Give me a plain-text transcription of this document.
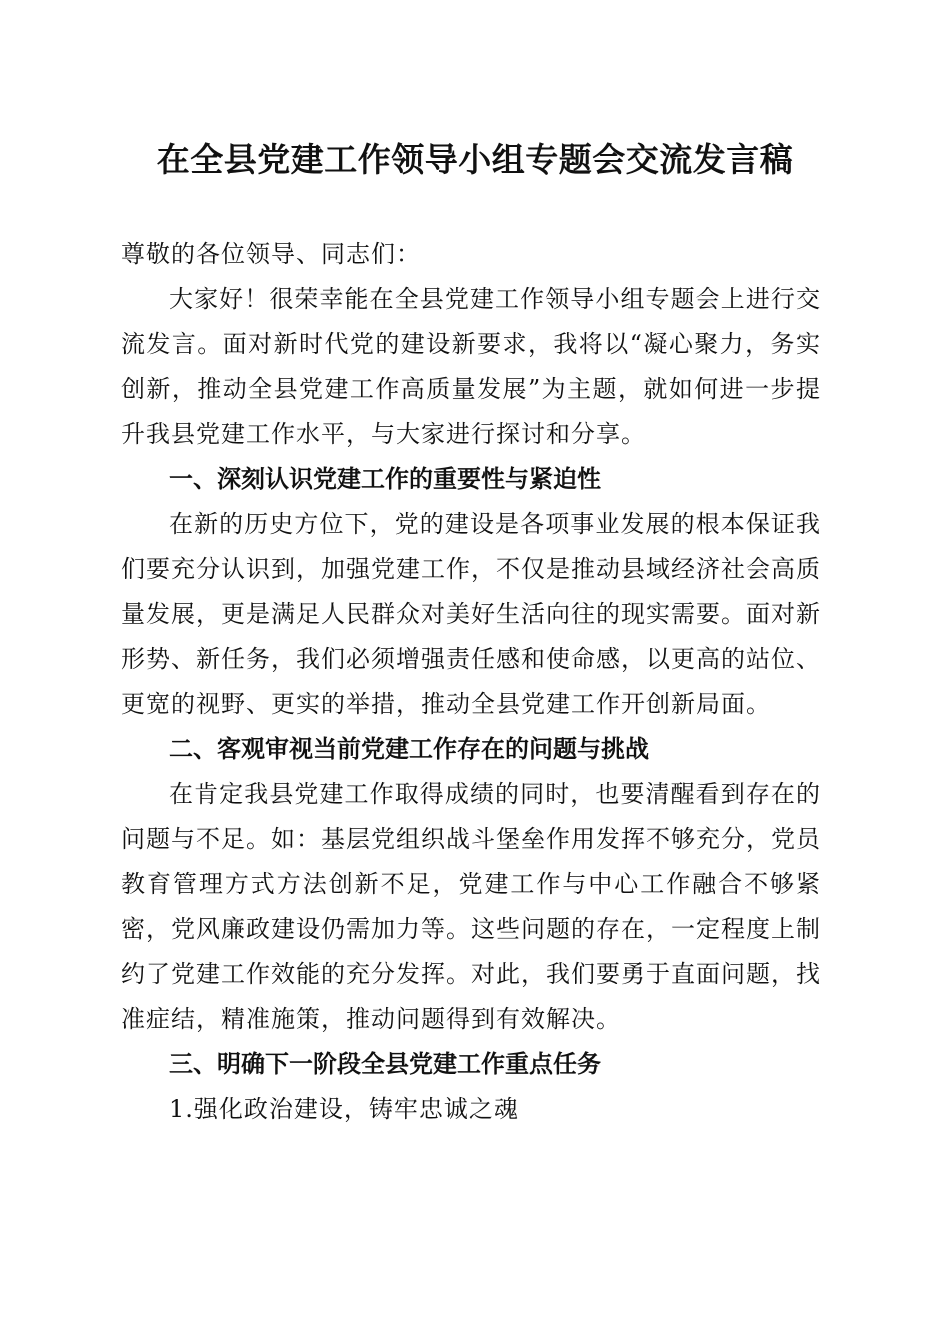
在全县党建工作领导小组专题会交流发言稿

尊敬的各位领导、同志们：

大家好！很荣幸能在全县党建工作领导小组专题会上进行交流发言。面对新时代党的建设新要求，我将以“凝心聚力，务实创新，推动全县党建工作高质量发展”为主题，就如何进一步提升我县党建工作水平，与大家进行探讨和分享。

一、深刻认识党建工作的重要性与紧迫性

在新的历史方位下，党的建设是各项事业发展的根本保证我们要充分认识到，加强党建工作，不仅是推动县域经济社会高质量发展，更是满足人民群众对美好生活向往的现实需要。面对新形势、新任务，我们必须增强责任感和使命感，以更高的站位、更宽的视野、更实的举措，推动全县党建工作开创新局面。

二、客观审视当前党建工作存在的问题与挑战

在肯定我县党建工作取得成绩的同时，也要清醒看到存在的问题与不足。如：基层党组织战斗堡垒作用发挥不够充分，党员教育管理方式方法创新不足，党建工作与中心工作融合不够紧密，党风廉政建设仍需加力等。这些问题的存在，一定程度上制约了党建工作效能的充分发挥。对此，我们要勇于直面问题，找准症结，精准施策，推动问题得到有效解决。

三、明确下一阶段全县党建工作重点任务

1.强化政治建设，铸牢忠诚之魂
